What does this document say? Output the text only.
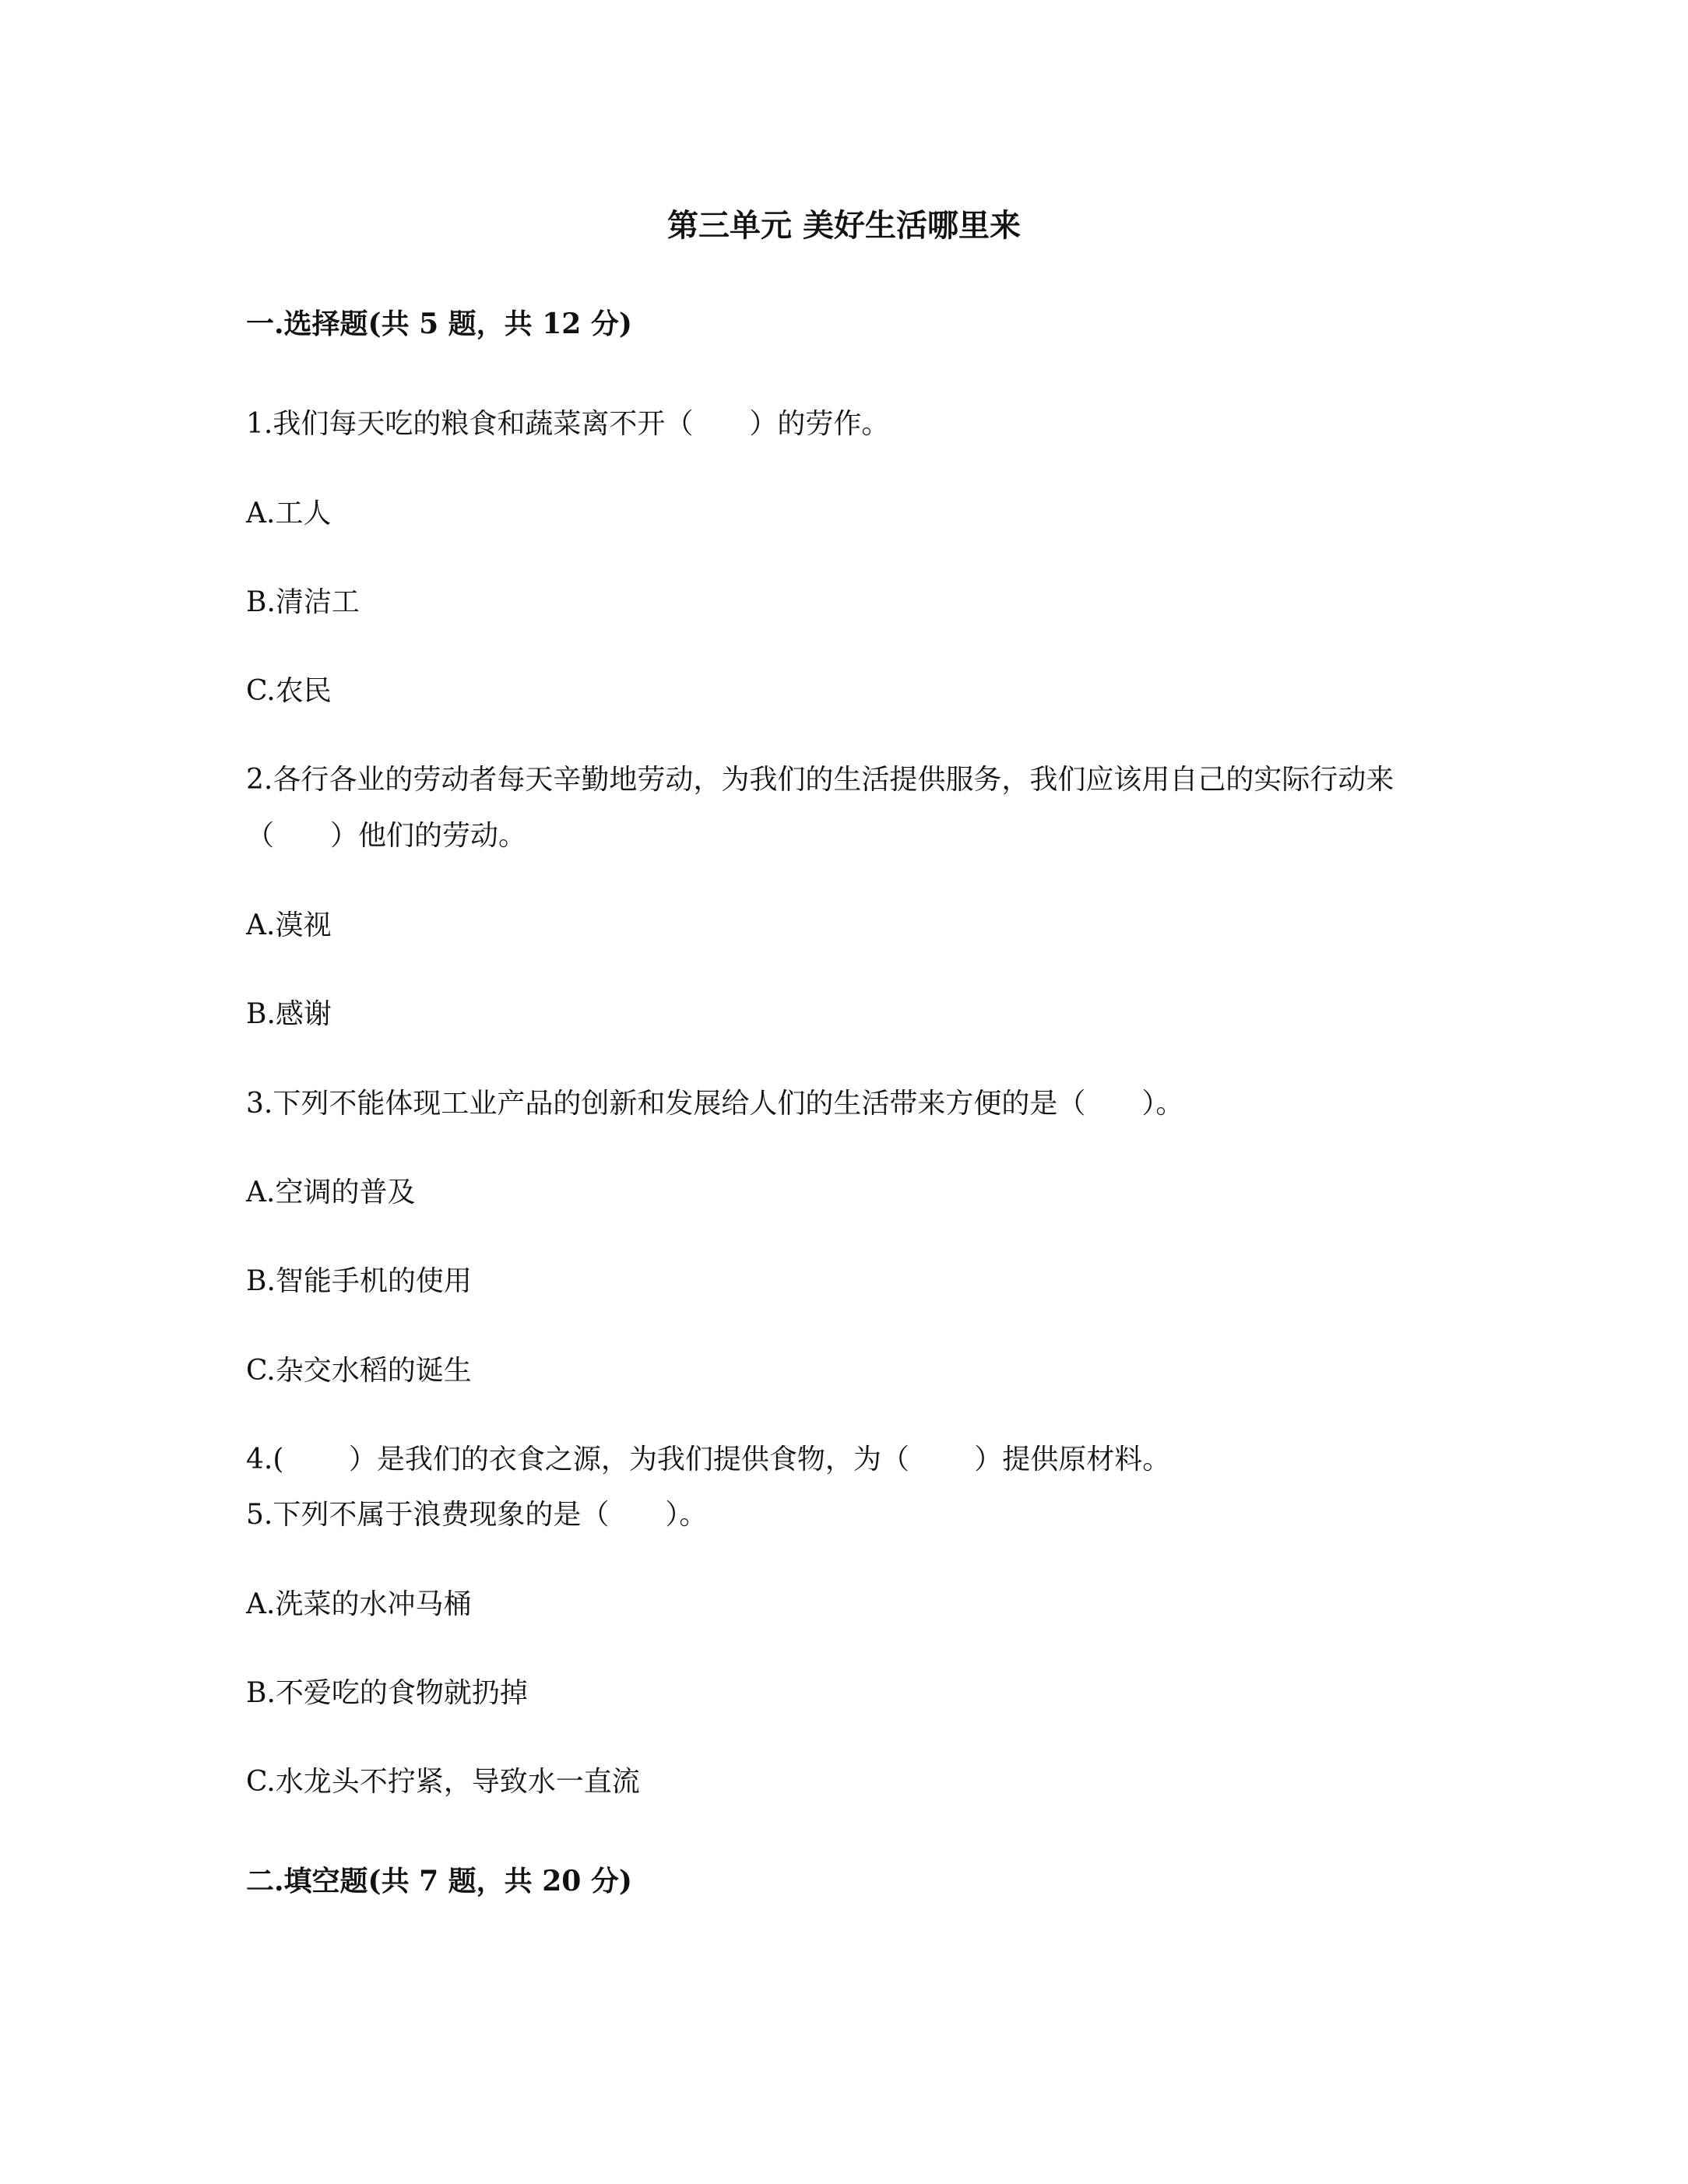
第三单元 美好生活哪里来
一.选择题(共 5 题，共 12 分)
1.我们每天吃的粮食和蔬菜离不开（　　）的劳作。
A.工人
B.清洁工
C.农民
2.各行各业的劳动者每天辛勤地劳动，为我们的生活提供服务，我们应该用自己的实际行动来
（　　）他们的劳动。
A.漠视
B.感谢
3.下列不能体现工业产品的创新和发展给人们的生活带来方便的是（　　）。
A.空调的普及
B.智能手机的使用
C.杂交水稻的诞生
4.(　　 ）是我们的衣食之源，为我们提供食物，为（　　 ）提供原材料。
5.下列不属于浪费现象的是（　　）。
A.洗菜的水冲马桶
B.不爱吃的食物就扔掉
C.水龙头不拧紧，导致水一直流
二.填空题(共 7 题，共 20 分)
